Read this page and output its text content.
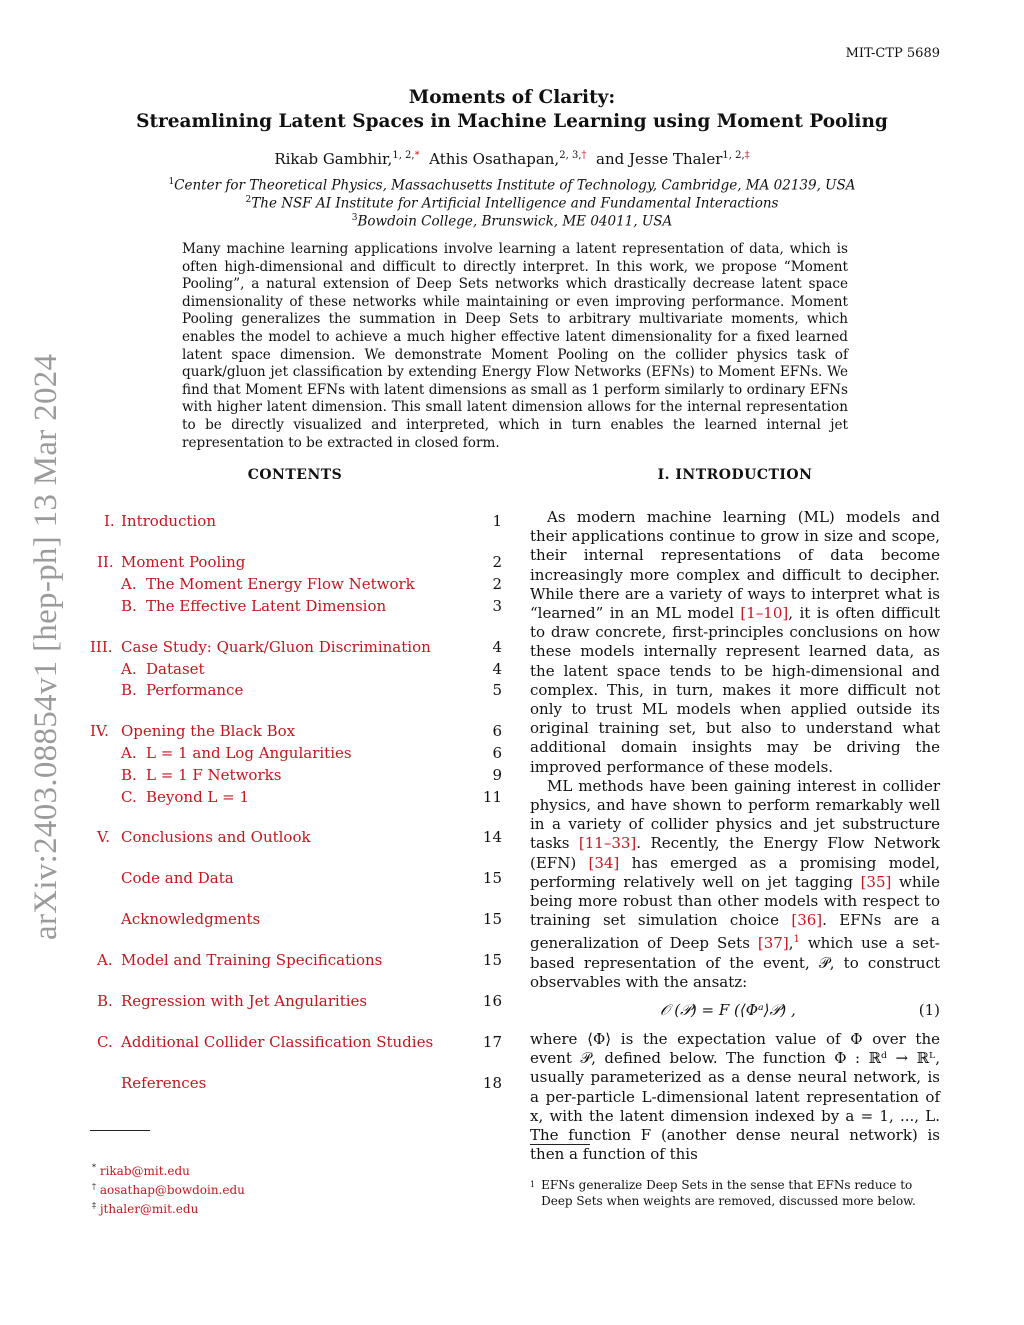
MIT-CTP 5689
arXiv:2403.08854v1 [hep-ph] 13 Mar 2024
Moments of Clarity:
Streamlining Latent Spaces in Machine Learning using Moment Pooling
Rikab Gambhir,$^{1, 2,*}$ Athis Osathapan,$^{2, 3,\dagger}$ and Jesse Thaler$^{1, 2,\ddagger}$
$^1$Center for Theoretical Physics, Massachusetts Institute of Technology, Cambridge, MA 02139, USA
$^2$The NSF AI Institute for Artificial Intelligence and Fundamental Interactions
$^3$Bowdoin College, Brunswick, ME 04011, USA
Many machine learning applications involve learning a latent representation of data, which is often high-dimensional and difficult to directly interpret. In this work, we propose “Moment Pooling”, a natural extension of Deep Sets networks which drastically decrease latent space dimensionality of these networks while maintaining or even improving performance. Moment Pooling generalizes the summation in Deep Sets to arbitrary multivariate moments, which enables the model to achieve a much higher effective latent dimensionality for a fixed learned latent space dimension. We demonstrate Moment Pooling on the collider physics task of quark/gluon jet classification by extending Energy Flow Networks (EFNs) to Moment EFNs. We find that Moment EFNs with latent dimensions as small as 1 perform similarly to ordinary EFNs with higher latent dimension. This small latent dimension allows for the internal representation to be directly visualized and interpreted, which in turn enables the learned internal jet representation to be extracted in closed form.
CONTENTS
I. Introduction	1
II. Moment Pooling	2
A. The Moment Energy Flow Network	2
B. The Effective Latent Dimension	3
III. Case Study: Quark/Gluon Discrimination	4
A. Dataset	4
B. Performance	5
IV. Opening the Black Box	6
A. L = 1 and Log Angularities	6
B. L = 1 F Networks	9
C. Beyond L = 1	11
V. Conclusions and Outlook	14
Code and Data	15
Acknowledgments	15
A. Model and Training Specifications	15
B. Regression with Jet Angularities	16
C. Additional Collider Classification Studies	17
References	18
I. INTRODUCTION

As modern machine learning (ML) models and their applications continue to grow in size and scope, their internal representations of data become increasingly more complex and difficult to decipher. While there are a variety of ways to interpret what is “learned” in an ML model [1–10], it is often difficult to draw concrete, first-principles conclusions on how these models internally represent learned data, as the latent space tends to be high-dimensional and complex. This, in turn, makes it more difficult not only to trust ML models when applied outside its original training set, but also to understand what additional domain insights may be driving the improved performance of these models.

ML methods have been gaining interest in collider physics, and have shown to perform remarkably well in a variety of collider physics and jet substructure tasks [11–33]. Recently, the Energy Flow Network (EFN) [34] has emerged as a promising model, performing relatively well on jet tagging [35] while being more robust than other models with respect to training set simulation choice [36]. EFNs are a generalization of Deep Sets [37],$^1$ which use a set-based representation of the event, 𝒫, to construct observables with the ansatz:

𝒪 (𝒫) = F (⟨Φᵃ⟩𝒫) ,	(1)

where ⟨Φ⟩ is the expectation value of Φ over the event 𝒫, defined below. The function Φ : ℝᵈ → ℝᴸ, usually parameterized as a dense neural network, is a per-particle L-dimensional latent representation of x, with the latent dimension indexed by a = 1, ..., L. The function F (another dense neural network) is then a function of this

* rikab@mit.edu
† aosathap@bowdoin.edu
‡ jthaler@mit.edu
1 EFNs generalize Deep Sets in the sense that EFNs reduce to Deep Sets when weights are removed, discussed more below.
